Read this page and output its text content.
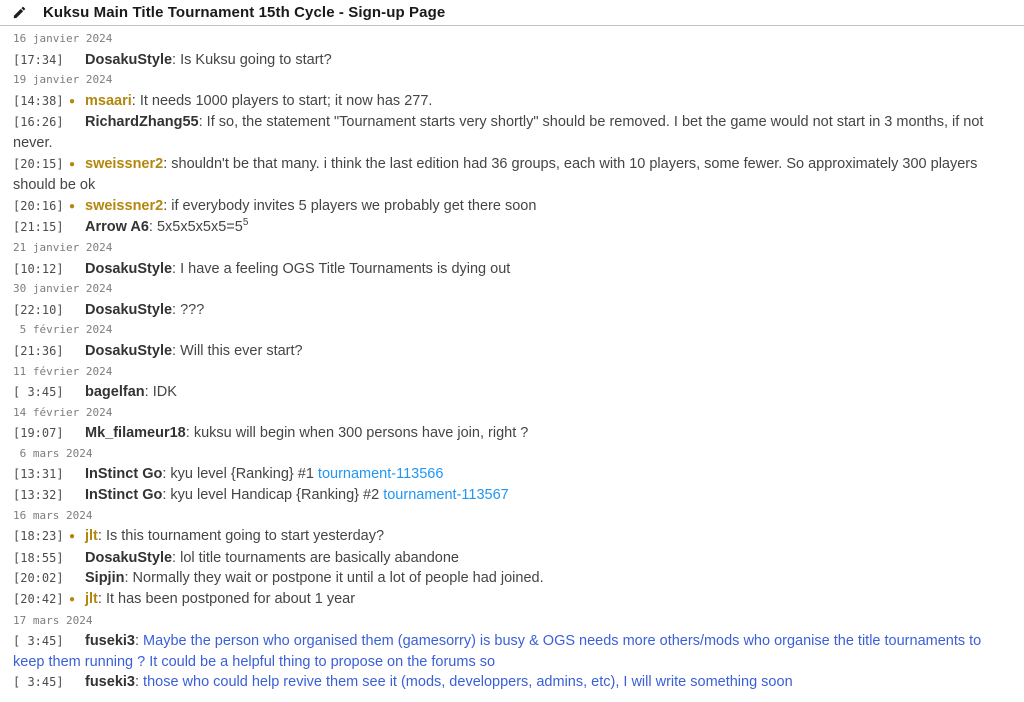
Kuksu Main Title Tournament 15th Cycle - Sign-up Page
16 janvier 2024
[17:34] DosakuStyle: Is Kuksu going to start?
19 janvier 2024
[14:38] ● msaari: It needs 1000 players to start; it now has 277.
[16:26] RichardZhang55: If so, the statement "Tournament starts very shortly" should be removed. I bet the game would not start in 3 months, if not never.
[20:15] ● sweissner2: shouldn't be that many. i think the last edition had 36 groups, each with 10 players, some fewer. So approximately 300 players should be ok
[20:16] ● sweissner2: if everybody invites 5 players we probably get there soon
[21:15] Arrow A6: $5x5x5x5x5=5^5$
21 janvier 2024
[10:12] DosakuStyle: I have a feeling OGS Title Tournaments is dying out
30 janvier 2024
[22:10] DosakuStyle: ???
5 février 2024
[21:36] DosakuStyle: Will this ever start?
11 février 2024
[ 3:45] bagelfan: IDK
14 février 2024
[19:07] Mk_filameur18: kuksu will begin when 300 persons have join, right ?
6 mars 2024
[13:31] InStinct Go: kyu level {Ranking} #1 tournament-113566
[13:32] InStinct Go: kyu level Handicap {Ranking} #2 tournament-113567
16 mars 2024
[18:23] ● jlt: Is this tournament going to start yesterday?
[18:55] DosakuStyle: lol title tournaments are basically abandone
[20:02] Sipjin: Normally they wait or postpone it until a lot of people had joined.
[20:42] ● jlt: It has been postponed for about 1 year
17 mars 2024
[ 3:45] fuseki3: Maybe the person who organised them (gamesorry) is busy & OGS needs more others/mods who organise the title tournaments to keep them running ? It could be a helpful thing to propose on the forums so
[ 3:45] fuseki3: those who could help revive them see it (mods, developpers, admins, etc), I will write something soon
